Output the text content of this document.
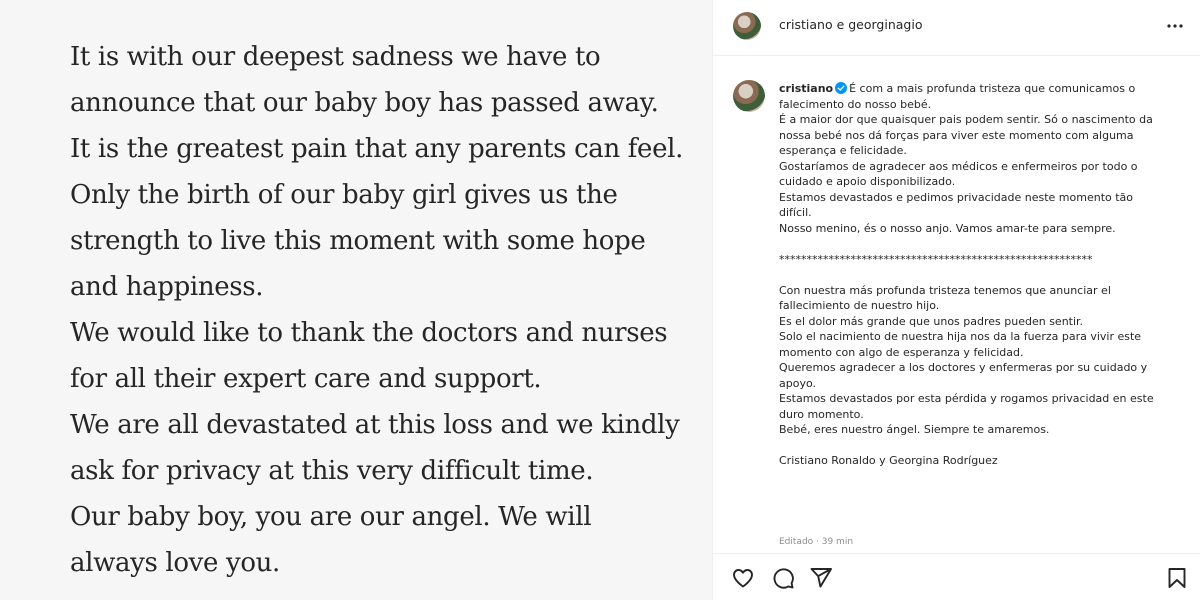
It is with our deepest sadness we have to
announce that our baby boy has passed away.
It is the greatest pain that any parents can feel.
Only the birth of our baby girl gives us the
strength to live this moment with some hope
and happiness.
We would like to thank the doctors and nurses
for all their expert care and support.
We are all devastated at this loss and we kindly
ask for privacy at this very difficult time.
Our baby boy, you are our angel. We will
always love you.
cristiano e georginagio
cristiano É com a mais profunda tristeza que comunicamos o
falecimento do nosso bebé.
É a maior dor que quaisquer pais podem sentir. Só o nascimento da
nossa bebé nos dá forças para viver este momento com alguma
esperança e felicidade.
Gostaríamos de agradecer aos médicos e enfermeiros por todo o
cuidado e apoio disponibilizado.
Estamos devastados e pedimos privacidade neste momento tão
difícil.
Nosso menino, és o nosso anjo. Vamos amar-te para sempre.
*********************************************************
Con nuestra más profunda tristeza tenemos que anunciar el
fallecimiento de nuestro hijo.
Es el dolor más grande que unos padres pueden sentir.
Solo el nacimiento de nuestra hija nos da la fuerza para vivir este
momento con algo de esperanza y felicidad.
Queremos agradecer a los doctores y enfermeras por su cuidado y
apoyo.
Estamos devastados por esta pérdida y rogamos privacidad en este
duro momento.
Bebé, eres nuestro ángel. Siempre te amaremos.
Cristiano Ronaldo y Georgina Rodríguez
Editado · 39 min
